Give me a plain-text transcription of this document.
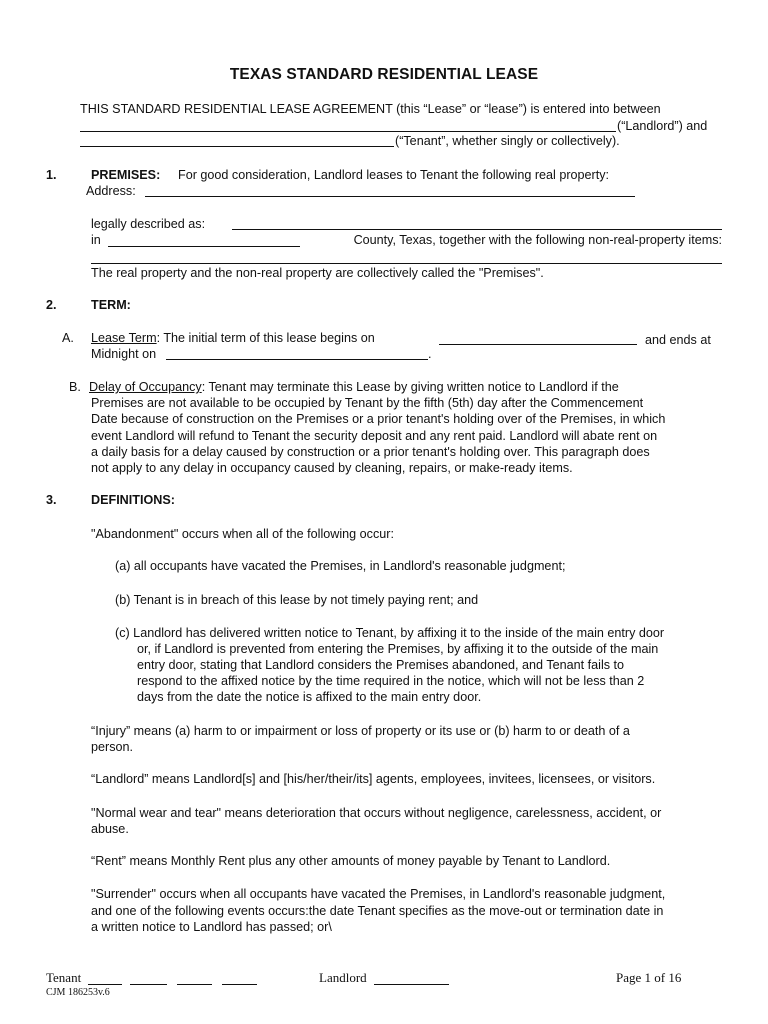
TEXAS STANDARD RESIDENTIAL LEASE
THIS STANDARD RESIDENTIAL LEASE AGREEMENT (this “Lease” or “lease”) is entered into between
(“Landlord”) and
(“Tenant”, whether singly or collectively).
1.	PREMISES: For good consideration, Landlord leases to Tenant the following real property:
Address:
legally described as:
in	County, Texas, together with the following non-real-property items:
The real property and the non-real property are collectively called the "Premises".
2.	TERM:
A. Lease Term: The initial term of this lease begins on	and ends at
Midnight on	.
B. Delay of Occupancy: Tenant may terminate this Lease by giving written notice to Landlord if the
Premises are not available to be occupied by Tenant by the fifth (5th) day after the Commencement
Date because of construction on the Premises or a prior tenant's holding over of the Premises, in which
event Landlord will refund to Tenant the security deposit and any rent paid. Landlord will abate rent on
a daily basis for a delay caused by construction or a prior tenant's holding over. This paragraph does
not apply to any delay in occupancy caused by cleaning, repairs, or make-ready items.
3.	DEFINITIONS:
"Abandonment" occurs when all of the following occur:
(a) all occupants have vacated the Premises, in Landlord's reasonable judgment;
(b) Tenant is in breach of this lease by not timely paying rent; and
(c) Landlord has delivered written notice to Tenant, by affixing it to the inside of the main entry door
or, if Landlord is prevented from entering the Premises, by affixing it to the outside of the main
entry door, stating that Landlord considers the Premises abandoned, and Tenant fails to
respond to the affixed notice by the time required in the notice, which will not be less than 2
days from the date the notice is affixed to the main entry door.
“Injury” means (a) harm to or impairment or loss of property or its use or (b) harm to or death of a
person.
“Landlord” means Landlord[s] and [his/her/their/its] agents, employees, invitees, licensees, or visitors.
"Normal wear and tear" means deterioration that occurs without negligence, carelessness, accident, or
abuse.
“Rent” means Monthly Rent plus any other amounts of money payable by Tenant to Landlord.
"Surrender" occurs when all occupants have vacated the Premises, in Landlord's reasonable judgment,
and one of the following events occurs:the date Tenant specifies as the move-out or termination date in
a written notice to Landlord has passed; or\
Tenant	Landlord	Page 1 of 16
CJM 186253v.6
